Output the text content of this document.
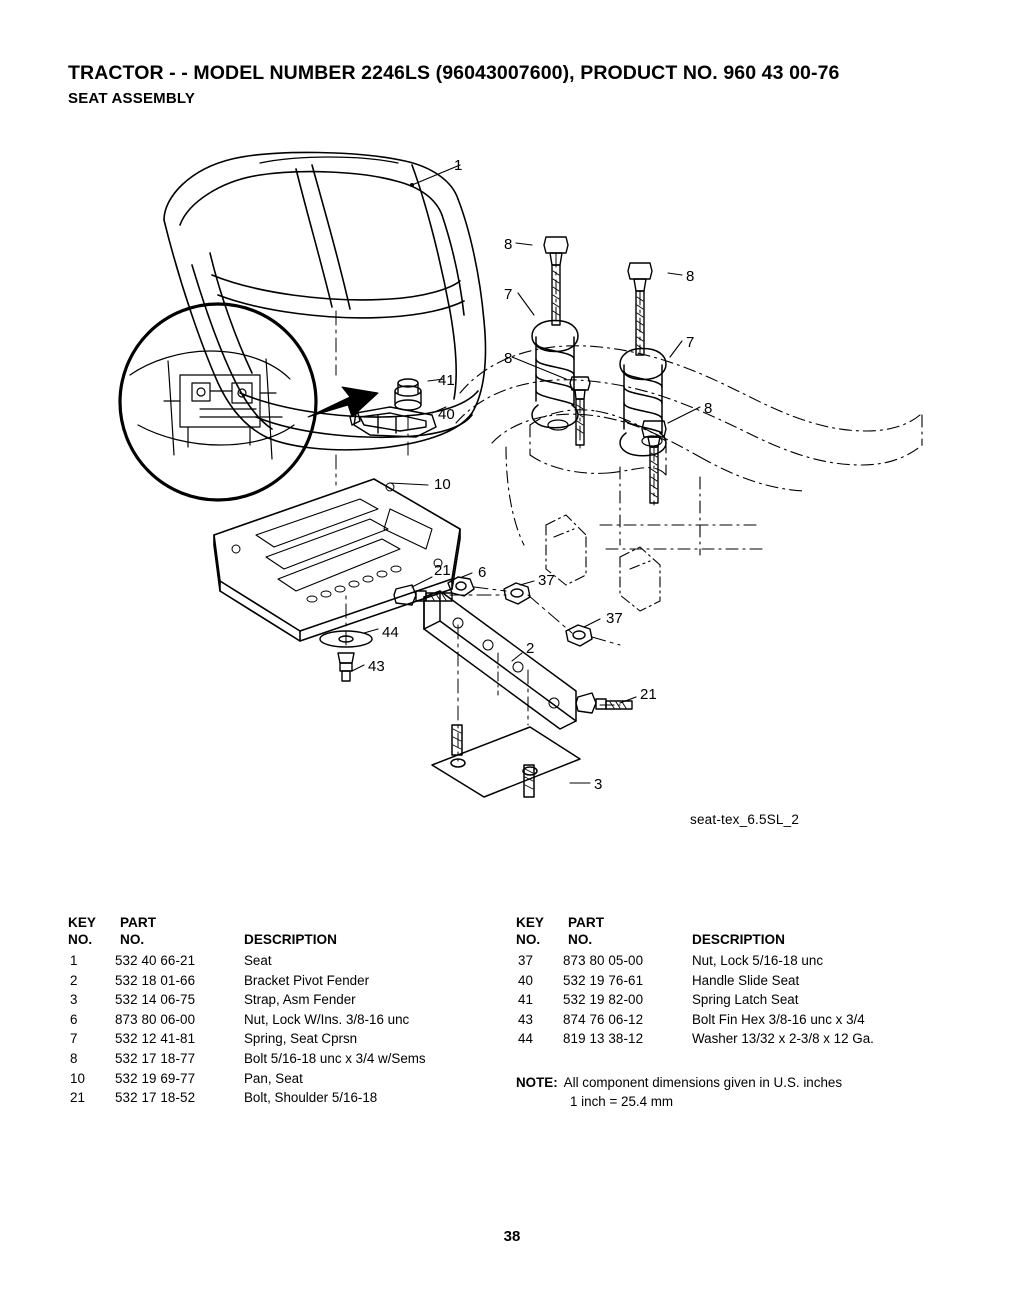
TRACTOR - - MODEL NUMBER 2246LS (96043007600), PRODUCT NO. 960 43 00-76
SEAT ASSEMBLY
1
8
8
7
7
8
8
41
40
10
21 6	37
37
44
43
2
21
3
seat-tex_6.5SL_2
KEY
NO.
PART
NO.	DESCRIPTION
1	532 40 66-21	Seat
2	532 18 01-66	Bracket Pivot Fender
3	532 14 06-75	Strap, Asm Fender
6	873 80 06-00	Nut, Lock W/Ins. 3/8-16 unc
7	532 12 41-81	Spring, Seat Cprsn
8	532 17 18-77	Bolt 5/16-18 unc x 3/4 w/Sems
10 532 19 69-77	Pan, Seat
21 532 17 18-52	Bolt, Shoulder 5/16-18
KEY
NO.
PART
NO.	DESCRIPTION
37 873 80 05-00	Nut, Lock 5/16-18 unc
40 532 19 76-61	Handle Slide Seat
41 532 19 82-00	Spring Latch Seat
43 874 76 06-12	Bolt Fin Hex 3/8-16 unc x 3/4
44 819 13 38-12	Washer 13/32 x 2-3/8 x 12 Ga.
NOTE: All component dimensions given in U.S. inches
1 inch = 25.4 mm
38
